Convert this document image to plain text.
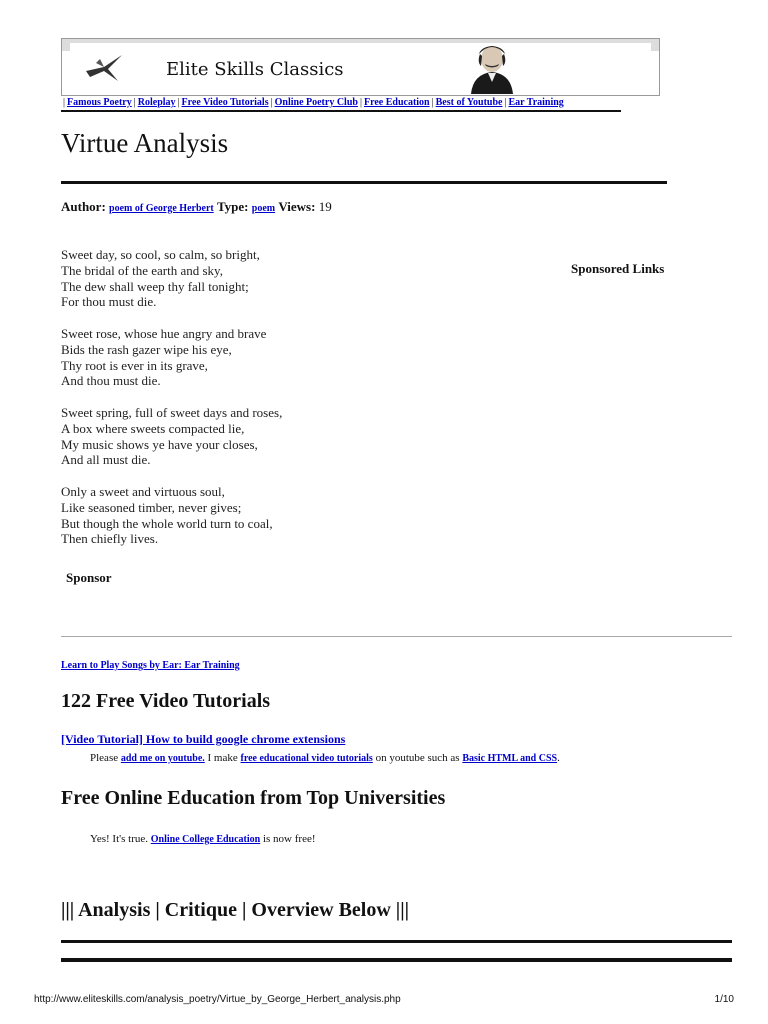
Elite Skills Classics
| Famous Poetry | Roleplay | Free Video Tutorials | Online Poetry Club | Free Education | Best of Youtube | Ear Training
Virtue Analysis
Author: poem of George Herbert Type: poem Views: 19
Sweet day, so cool, so calm, so bright,
The bridal of the earth and sky,
The dew shall weep thy fall tonight;
For thou must die.
Sweet rose, whose hue angry and brave
Bids the rash gazer wipe his eye,
Thy root is ever in its grave,
And thou must die.
Sweet spring, full of sweet days and roses,
A box where sweets compacted lie,
My music shows ye have your closes,
And all must die.
Only a sweet and virtuous soul,
Like seasoned timber, never gives;
But though the whole world turn to coal,
Then chiefly lives.
Sponsored Links
Sponsor
Learn to Play Songs by Ear: Ear Training
122 Free Video Tutorials
[Video Tutorial] How to build google chrome extensions
Please add me on youtube. I make free educational video tutorials on youtube such as Basic HTML and CSS.
Free Online Education from Top Universities
Yes! It's true. Online College Education is now free!
||| Analysis | Critique | Overview Below |||
http://www.eliteskills.com/analysis_poetry/Virtue_by_George_Herbert_analysis.php	1/10
